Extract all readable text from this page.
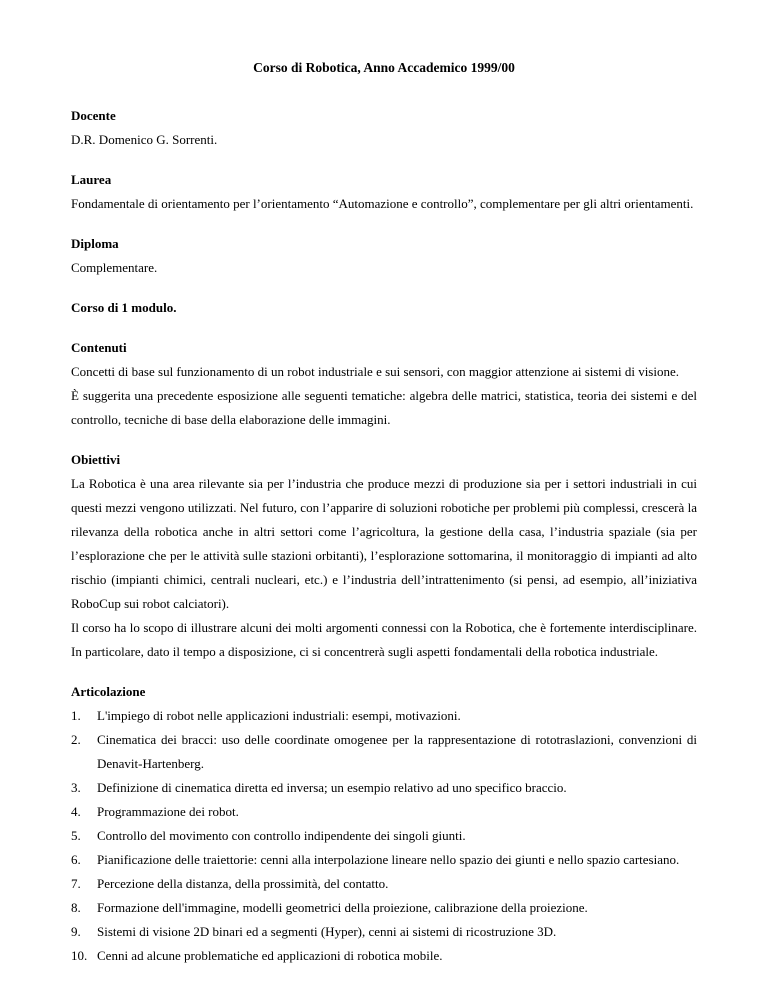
Corso di Robotica, Anno Accademico 1999/00
Docente

D.R. Domenico G. Sorrenti.

Laurea

Fondamentale di orientamento per l’orientamento “Automazione e controllo”, complementare per gli altri orientamenti.

Diploma

Complementare.

Corso di 1 modulo.
Contenuti

Concetti di base sul funzionamento di un robot industriale e sui sensori, con maggior attenzione ai sistemi di visione.

È suggerita una precedente esposizione alle seguenti tematiche: algebra delle matrici, statistica, teoria dei sistemi e del controllo, tecniche di base della elaborazione delle immagini.

Obiettivi

La Robotica è una area rilevante sia per l’industria che produce mezzi di produzione sia per i settori industriali in cui questi mezzi vengono utilizzati. Nel futuro, con l’apparire di soluzioni robotiche per problemi più complessi, crescerà la rilevanza della robotica anche in altri settori come l’agricoltura, la gestione della casa, l’industria spaziale (sia per l’esplorazione che per le attività sulle stazioni orbitanti), l’esplorazione sottomarina, il monitoraggio di impianti ad alto rischio (impianti chimici, centrali nucleari, etc.) e l’industria dell’intrattenimento (si pensi, ad esempio, all’iniziativa RoboCup sui robot calciatori).

Il corso ha lo scopo di illustrare alcuni dei molti argomenti connessi con la Robotica, che è fortemente interdisciplinare. In particolare, dato il tempo a disposizione, ci si concentrerà sugli aspetti fondamentali della robotica industriale.

Articolazione
1.	L'impiego di robot nelle applicazioni industriali: esempi, motivazioni.
2.	Cinematica dei bracci: uso delle coordinate omogenee per la rappresentazione di rototraslazioni, convenzioni di Denavit-Hartenberg.
3.	Definizione di cinematica diretta ed inversa; un esempio relativo ad uno specifico braccio.
4.	Programmazione dei robot.
5.	Controllo del movimento con controllo indipendente dei singoli giunti.
6.	Pianificazione delle traiettorie: cenni alla interpolazione lineare nello spazio dei giunti e nello spazio cartesiano.
7.	Percezione della distanza, della prossimità, del contatto.
8.	Formazione dell'immagine, modelli geometrici della proiezione, calibrazione della proiezione.
9.	Sistemi di visione 2D binari ed a segmenti (Hyper), cenni ai sistemi di ricostruzione 3D.
10. Cenni ad alcune problematiche ed applicazioni di robotica mobile.
